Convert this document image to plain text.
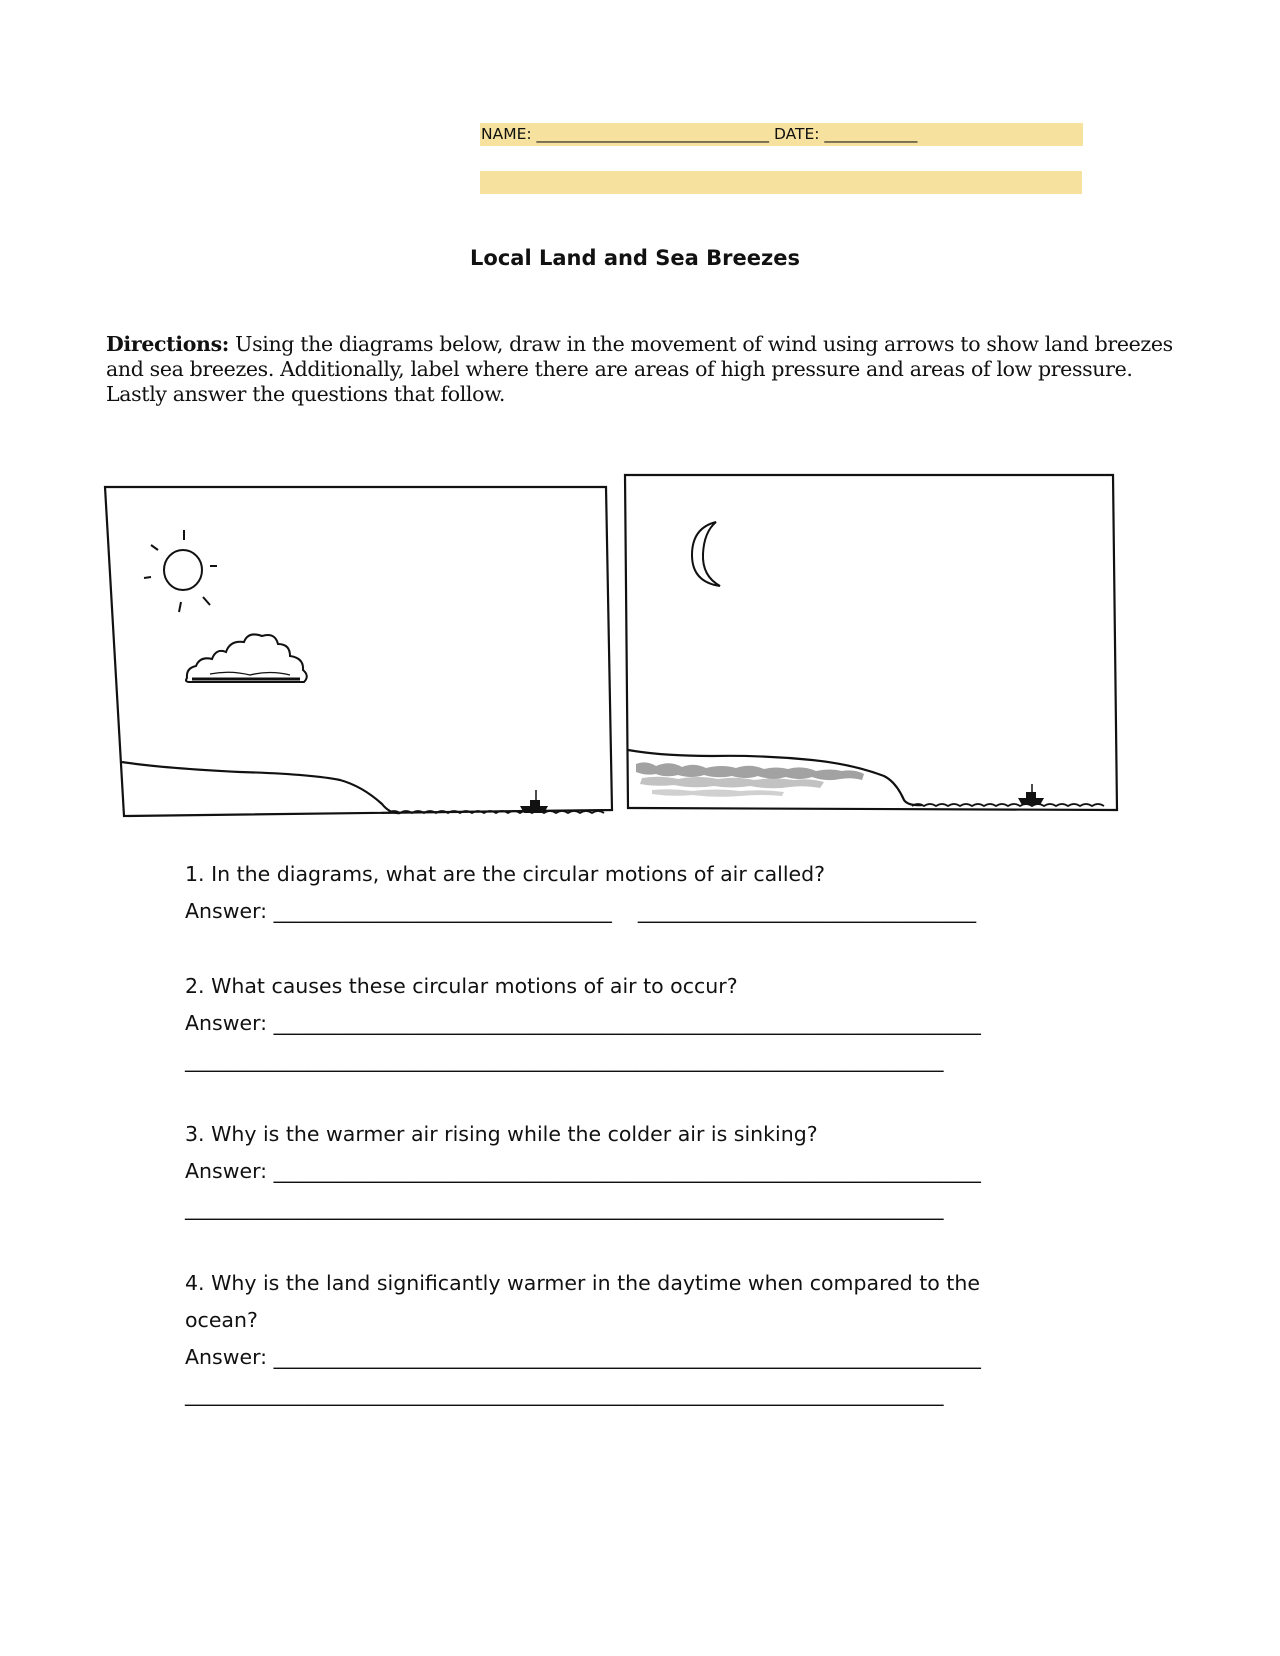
NAME: ______________________________ DATE: ____________
Local Land and Sea Breezes
Directions: Using the diagrams below, draw in the movement of wind using arrows to show land breezes and sea breezes. Additionally, label where there are areas of high pressure and areas of low pressure. Lastly answer the questions that follow.
1. In the diagrams, what are the circular motions of air called?
Answer: _________________________________    _________________________________
2. What causes these circular motions of air to occur?
Answer: _____________________________________________________________________
__________________________________________________________________________
3. Why is the warmer air rising while the colder air is sinking?
Answer: _____________________________________________________________________
__________________________________________________________________________
4. Why is the land significantly warmer in the daytime when compared to the
ocean?
Answer: _____________________________________________________________________
__________________________________________________________________________
